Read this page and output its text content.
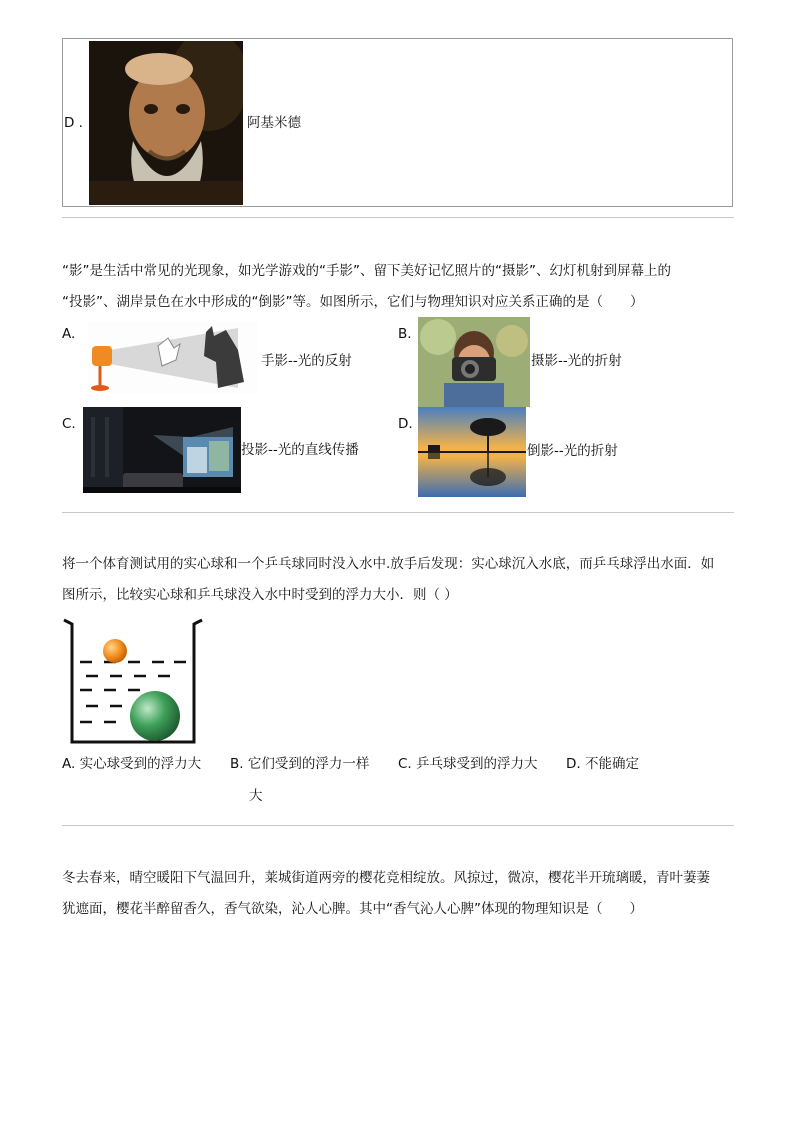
D .	阿基米德
“影”是生活中常见的光现象，如光学游戏的“手影”、留下美好记忆照片的“摄影”、幻灯机射到屏幕上的
“投影”、湖岸景色在水中形成的“倒影”等。如图所示，它们与物理知识对应关系正确的是（　　）
A.
手影--光的反射
B.
摄影--光的折射
C.
投影--光的直线传播
D.
倒影--光的折射
将一个体育测试用的实心球和一个乒乓球同时没入水中.放手后发现：实心球沉入水底，而乒乓球浮出水面．如
图所示，比较实心球和乒乓球没入水中时受到的浮力大小．则（ ）
A. 实心球受到的浮力大 B. 它们受到的浮力一样
大
C. 乒乓球受到的浮力大 D. 不能确定
冬去春来，晴空暖阳下气温回升，莱城街道两旁的樱花竞相绽放。风掠过，微凉，樱花半开琉璃暖，青叶萋萋
犹遮面，樱花半醉留香久，香气欲染，沁人心脾。其中“香气沁人心脾”体现的物理知识是（　　）
